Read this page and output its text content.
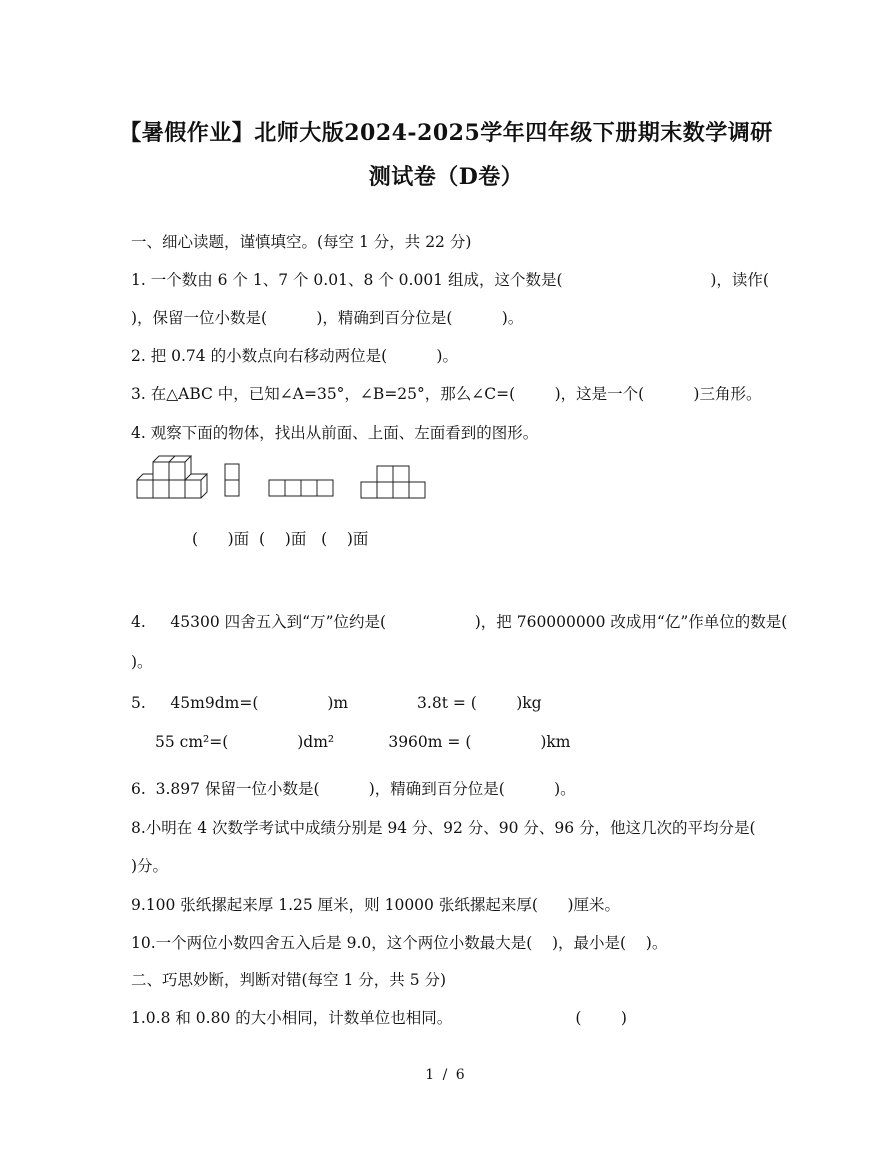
【暑假作业】北师大版2024-2025学年四年级下册期末数学调研
测试卷（D卷）
一、细心读题，谨慎填空。(每空 1 分，共 22 分)
1. 一个数由 6 个 1、7 个 0.01、8 个 0.001 组成，这个数是(                              )，读作(
)，保留一位小数是(          )，精确到百分位是(          )。
2. 把 0.74 的小数点向右移动两位是(          )。
3. 在△ABC 中，已知∠A=35°，∠B=25°，那么∠C=(        )，这是一个(          )三角形。
4. 观察下面的物体，找出从前面、上面、左面看到的图形。
(      )面  (    )面   (    )面
4.     45300 四舍五入到“万”位约是(                  )，把 760000000 改成用“亿”作单位的数是(
)。
5.     45m9dm=(              )m              3.8t = (        )kg
55 cm²=(              )dm²           3960m = (              )km
6.  3.897 保留一位小数是(          )，精确到百分位是(          )。
8.小明在 4 次数学考试中成绩分别是 94 分、92 分、90 分、96 分，他这几次的平均分是(
)分。
9.100 张纸摞起来厚 1.25 厘米，则 10000 张纸摞起来厚(      )厘米。
10.一个两位小数四舍五入后是 9.0，这个两位小数最大是(    )，最小是(    )。
二、巧思妙断，判断对错(每空 1 分，共 5 分)
1.0.8 和 0.80 的大小相同，计数单位也相同。                         (        )
1 / 6
